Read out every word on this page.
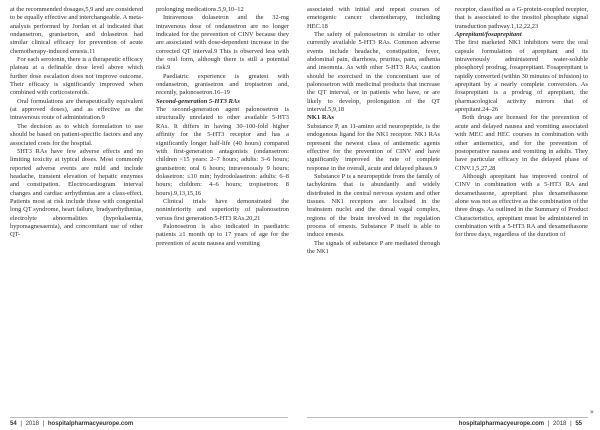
at the recommended dosages,5,9 and are considered to be equally effective and interchangeable. A meta-analysis performed by Jordan et al indicated that ondansetron, granisetron, and dolasetron had similar clinical efficacy for prevention of acute chemotherapy-induced emesis.11

For each serotonin, there is a therapeutic efficacy plateau at a definable dose level above which further dose escalation does not improve outcome. Their efficacy is significantly improved when combined with corticosteroids.

Oral formulations are therapeutically equivalent (at approved doses), and as effective as the intravenous route of administration.9

The decision as to which formulation to use should be based on patient-specific factors and any associated costs for the hospital.

5HT3 RAs have few adverse effects and no limiting toxicity at typical doses. Most commonly reported adverse events are mild and include headache, transient elevation of hepatic enzymes and constipation. Electrocardiogram interval changes and cardiac arrhythmias are a class-effect. Patients most at risk include those with congenital long QT syndrome, heart failure, bradyarrhythmias, electrolyte abnormalities (hypokalaemia, hypomagnesaemia), and concomitant use of other QT-

prolonging medications.5,9,10–12

Intravenous dolasetron and the 32-mg intravenous dose of ondansetron are no longer indicated for the prevention of CINV because they are associated with dose-dependent increase in the corrected QT interval.9 This is observed less with the oral form, although there is still a potential risk.9

Paediatric experience is greatest with ondansetron, granisetron and tropisetron and, recently, palonosetron.16–19

Second-generation 5-HT3 RAs

The second-generation agent palonosetron is structurally unrelated to other available 5-HT3 RAs. It differs in having 30–100-fold higher affinity for the 5-HT3 receptor and has a significantly longer half-life (40 hours) compared with first-generation antagonists (ondansetron: children <15 years: 2–7 hours; adults: 3–6 hours; granisetron: oral 6 hours; intravenously 9 hours; dolasetron: ≤10 min; hydrodolasetron: adults: 6–8 hours; children: 4–6 hours; tropisetron: 8 hours).9,13,15,16

Clinical trials have demonstrated the noninferiority and superiority of palonosetron versus first generation 5-HT3 RAs.20,21

Palonosetron is also indicated in paediatric patients ≥1 month up to 17 years of age for the prevention of acute nausea and vomiting

associated with initial and repeat courses of emetogenic cancer chemotherapy, including HEC.18

The safety of palonosetron is similar to other currently available 5-HT3 RAs. Common adverse events include headache, constipation, fever, abdominal pain, diarrhoea, pruritus, pain, asthenia and insomnia. As with other 5-HT3 RAs, caution should be exercised in the concomitant use of palonosetron with medicinal products that increase the QT interval, or in patients who have, or are likely to develop, prolongation of the QT interval.5,9,18

NK1 RAs

Substance P, an 11-amino acid neuropeptide, is the endogenous ligand for the NK1 receptor. NK1 RAs represent the newest class of antiemetic agents effective for the prevention of CINV and have significantly improved the rate of complete response in the overall, acute and delayed phases.9

Substance P is a neuropeptide from the family of tachykinins that is abundantly and widely distributed in the central nervous system and other tissues. NK1 receptors are localised in the brainstem nuclei and the dorsal vagal complex, regions of the brain involved in the regulation process of emesis. Substance P itself is able to induce emesis.

The signals of substance P are mediated through the NK1

receptor, classified as a G-protein-coupled receptor, that is associated to the inositol phosphate signal transduction pathway.1,12,22,23

Aprepitant/fosaprepitant

The first marketed NK1 inhibitors were the oral capsule formulation of aprepitant and its intravenously administered water-soluble phosphoryl prodrug, fosaprepitant. Fosaprepitant is rapidly converted (within 30 minutes of infusion) to aprepitant by a nearly complete conversion. As fosaprepitant is a prodrug of aprepitant, the pharmacological activity mirrors that of aprepitant.24–26

Both drugs are licensed for the prevention of acute and delayed nausea and vomiting associated with MEC and HEC courses in combination with other antiemetics, and for the prevention of postoperative nausea and vomiting in adults. They have particular efficacy in the delayed phase of CINV.1,5,27,28

Although aprepitant has improved control of CINV in combination with a 5-HT3 RA and dexamethasone, aprepitant plus dexamethasone alone was not as effective as the combination of the three drugs. As outlined in the Summary of Product Characteristics, aprepitant must be administered in combination with a 5-HT3 RA and dexamethasone for three days, regardless of the duration of

54 | 2018 | hospitalpharmacyeurope.com	hospitalpharmacyeurope.com | 2018 | 55
»
